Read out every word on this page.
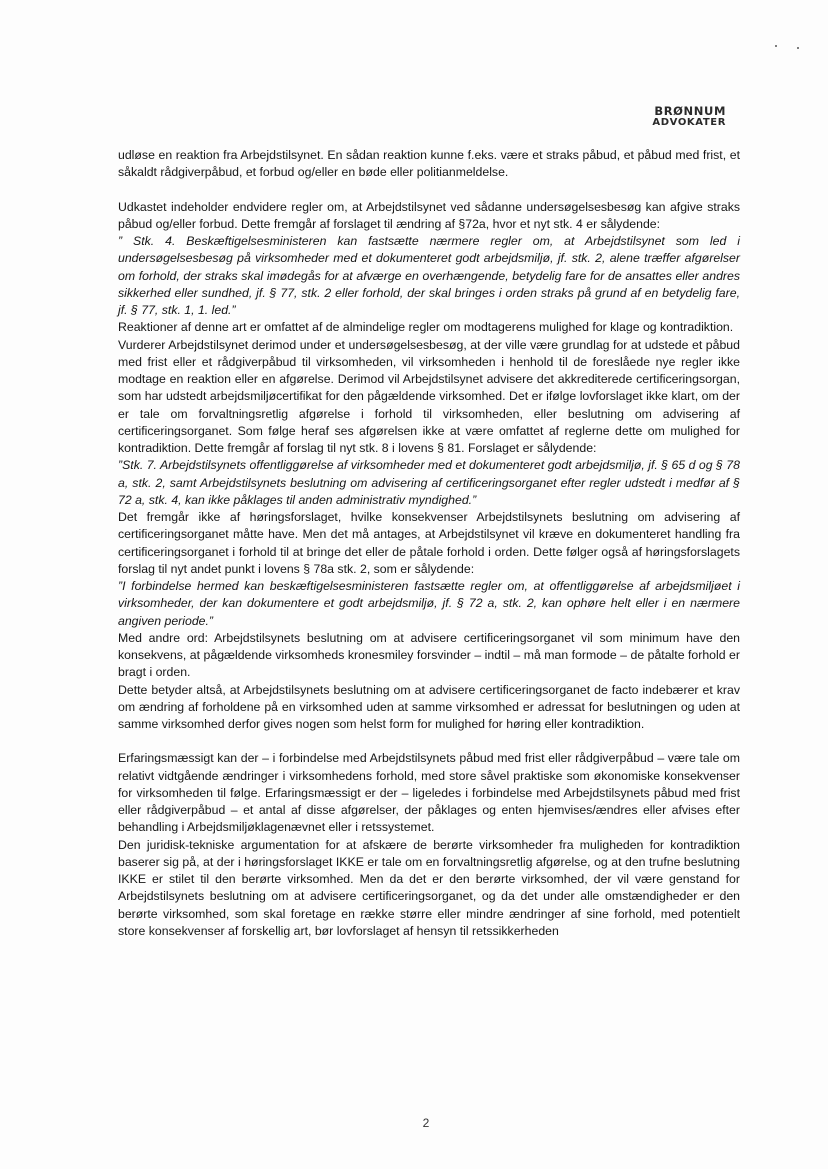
BRØNNUM
ADVOKATER

udløse en reaktion fra Arbejdstilsynet. En sådan reaktion kunne f.eks. være et straks påbud, et påbud med frist, et såkaldt rådgiverpåbud, et forbud og/eller en bøde eller politianmeldelse.

Udkastet indeholder endvidere regler om, at Arbejdstilsynet ved sådanne undersøgelsesbesøg kan afgive straks påbud og/eller forbud. Dette fremgår af forslaget til ændring af §72a, hvor et nyt stk. 4 er sålydende:

” Stk. 4. Beskæftigelsesministeren kan fastsætte nærmere regler om, at Arbejdstilsynet som led i undersøgelsesbesøg på virksomheder med et dokumenteret godt arbejdsmiljø, jf. stk. 2, alene træffer afgørelser om forhold, der straks skal imødegås for at afværge en overhængende, betydelig fare for de ansattes eller andres sikkerhed eller sundhed, jf. § 77, stk. 2 eller forhold, der skal bringes i orden straks på grund af en betydelig fare, jf. § 77, stk. 1, 1. led.”

Reaktioner af denne art er omfattet af de almindelige regler om modtagerens mulighed for klage og kontradiktion.

Vurderer Arbejdstilsynet derimod under et undersøgelsesbesøg, at der ville være grundlag for at udstede et påbud med frist eller et rådgiverpåbud til virksomheden, vil virksomheden i henhold til de foreslåede nye regler ikke modtage en reaktion eller en afgørelse. Derimod vil Arbejdstilsynet advisere det akkrediterede certificeringsorgan, som har udstedt arbejdsmiljøcertifikat for den pågældende virksomhed. Det er ifølge lovforslaget ikke klart, om der er tale om forvaltningsretlig afgørelse i forhold til virksomheden, eller beslutning om advisering af certificeringsorganet. Som følge heraf ses afgørelsen ikke at være omfattet af reglerne dette om mulighed for kontradiktion. Dette fremgår af forslag til nyt stk. 8 i lovens § 81. Forslaget er sålydende:

”Stk. 7. Arbejdstilsynets offentliggørelse af virksomheder med et dokumenteret godt arbejdsmiljø, jf. § 65 d og § 78 a, stk. 2, samt Arbejdstilsynets beslutning om advisering af certificeringsorganet efter regler udstedt i medfør af § 72 a, stk. 4, kan ikke påklages til anden administrativ myndighed.”

Det fremgår ikke af høringsforslaget, hvilke konsekvenser Arbejdstilsynets beslutning om advisering af certificeringsorganet måtte have. Men det må antages, at Arbejdstilsynet vil kræve en dokumenteret handling fra certificeringsorganet i forhold til at bringe det eller de påtale forhold i orden. Dette følger også af høringsforslagets forslag til nyt andet punkt i lovens § 78a stk. 2, som er sålydende:

”I forbindelse hermed kan beskæftigelsesministeren fastsætte regler om, at offentliggørelse af arbejdsmiljøet i virksomheder, der kan dokumentere et godt arbejdsmiljø, jf. § 72 a, stk. 2, kan ophøre helt eller i en nærmere angiven periode.”

Med andre ord: Arbejdstilsynets beslutning om at advisere certificeringsorganet vil som minimum have den konsekvens, at pågældende virksomheds kronesmiley forsvinder – indtil – må man formode – de påtalte forhold er bragt i orden.

Dette betyder altså, at Arbejdstilsynets beslutning om at advisere certificeringsorganet de facto indebærer et krav om ændring af forholdene på en virksomhed uden at samme virksomhed er adressat for beslutningen og uden at samme virksomhed derfor gives nogen som helst form for mulighed for høring eller kontradiktion.

Erfaringsmæssigt kan der – i forbindelse med Arbejdstilsynets påbud med frist eller rådgiverpåbud – være tale om relativt vidtgående ændringer i virksomhedens forhold, med store såvel praktiske som økonomiske konsekvenser for virksomheden til følge. Erfaringsmæssigt er der – ligeledes i forbindelse med Arbejdstilsynets påbud med frist eller rådgiverpåbud – et antal af disse afgørelser, der påklages og enten hjemvises/ændres eller afvises efter behandling i Arbejdsmiljøklagenævnet eller i retssystemet.

Den juridisk-tekniske argumentation for at afskære de berørte virksomheder fra muligheden for kontradiktion baserer sig på, at der i høringsforslaget IKKE er tale om en forvaltningsretlig afgørelse, og at den trufne beslutning IKKE er stilet til den berørte virksomhed. Men da det er den berørte virksomhed, der vil være genstand for Arbejdstilsynets beslutning om at advisere certificeringsorganet, og da det under alle omstændigheder er den berørte virksomhed, som skal foretage en række større eller mindre ændringer af sine forhold, med potentielt store konsekvenser af forskellig art, bør lovforslaget af hensyn til retssikkerheden

2
